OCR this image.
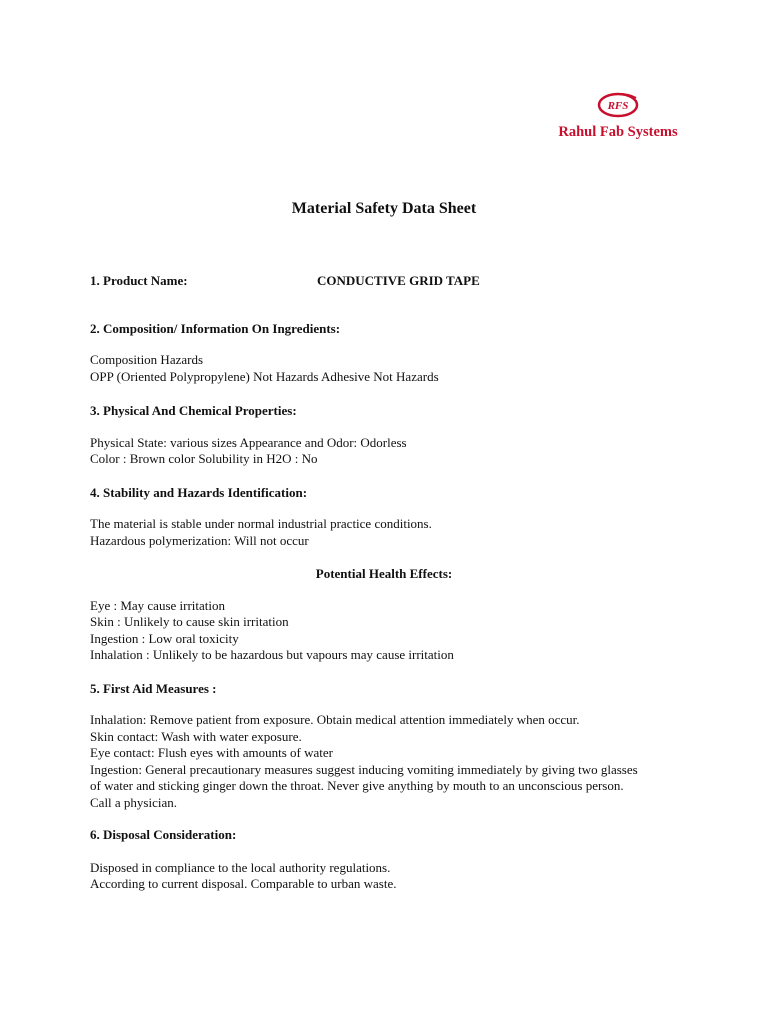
RFS
Rahul Fab Systems
Material Safety Data Sheet
1. Product Name:	CONDUCTIVE GRID TAPE
2. Composition/ Information On Ingredients:
Composition Hazards
OPP (Oriented Polypropylene) Not Hazards Adhesive Not Hazards
3. Physical And Chemical Properties:
Physical State: various sizes Appearance and Odor: Odorless
Color : Brown color Solubility in H2O : No
4. Stability and Hazards Identification:
The material is stable under normal industrial practice conditions.
Hazardous polymerization: Will not occur
Potential Health Effects:
Eye : May cause irritation
Skin : Unlikely to cause skin irritation
Ingestion : Low oral toxicity
Inhalation : Unlikely to be hazardous but vapours may cause irritation
5. First Aid Measures :
Inhalation: Remove patient from exposure. Obtain medical attention immediately when occur.
Skin contact: Wash with water exposure.
Eye contact: Flush eyes with amounts of water
Ingestion: General precautionary measures suggest inducing vomiting immediately by giving two glasses
of water and sticking ginger down the throat. Never give anything by mouth to an unconscious person.
Call a physician.
6. Disposal Consideration:
Disposed in compliance to the local authority regulations.
According to current disposal. Comparable to urban waste.
